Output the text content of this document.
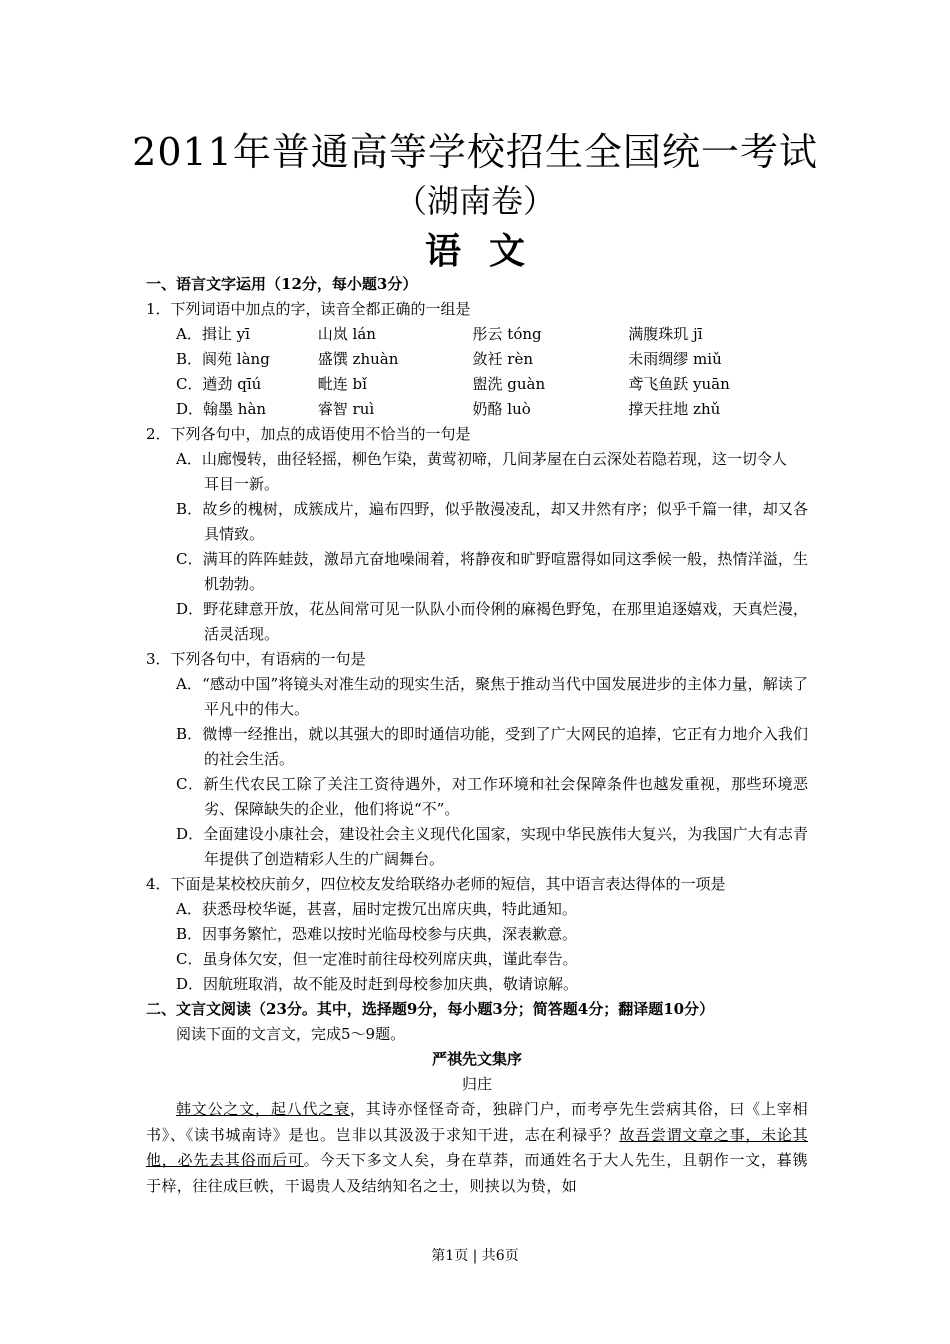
2011年普通高等学校招生全国统一考试
（湖南卷）
语文
一、语言文字运用（12分，每小题3分）
1．下列词语中加点的字，读音全都正确的一组是
A．揖让 yī	山岚 lán	彤云 tóng	满腹珠玑 jī
B．阆苑 làng	盛馔 zhuàn	敛衽 rèn	未雨绸缪 miǔ
C．遒劲 qīú	毗连 bǐ	盥洗 guàn	鸢飞鱼跃 yuān
D．翰墨 hàn	睿智 ruì	奶酪 luò	撑天拄地 zhǔ
2．下列各句中，加点的成语使用不恰当的一句是
A．山廊慢转，曲径轻摇，柳色乍染，黄莺初啼，几间茅屋在白云深处若隐若现，这一切令人
耳目一新。
B．故乡的槐树，成簇成片，遍布四野，似乎散漫凌乱，却又井然有序；似乎千篇一律，却又各具情致。
C．满耳的阵阵蛙鼓，激昂亢奋地噪闹着，将静夜和旷野喧嚣得如同这季候一般，热情洋溢，生机勃勃。
D．野花肆意开放，花丛间常可见一队队小而伶俐的麻褐色野兔，在那里追逐嬉戏，天真烂漫，活灵活现。
3．下列各句中，有语病的一句是
A．“感动中国”将镜头对准生动的现实生活，聚焦于推动当代中国发展进步的主体力量，解读了平凡中的伟大。
B．微博一经推出，就以其强大的即时通信功能，受到了广大网民的追捧，它正有力地介入我们的社会生活。
C．新生代农民工除了关注工资待遇外，对工作环境和社会保障条件也越发重视，那些环境恶劣、保障缺失的企业，他们将说“不”。
D．全面建设小康社会，建设社会主义现代化国家，实现中华民族伟大复兴，为我国广大有志青年提供了创造精彩人生的广阔舞台。
4．下面是某校校庆前夕，四位校友发给联络办老师的短信，其中语言表达得体的一项是
A．获悉母校华诞，甚喜，届时定拨冗出席庆典，特此通知。
B．因事务繁忙，恐难以按时光临母校参与庆典，深表歉意。
C．虽身体欠安，但一定准时前往母校列席庆典，谨此奉告。
D．因航班取消，故不能及时赶到母校参加庆典，敬请谅解。
二、文言文阅读（23分。其中，选择题9分，每小题3分；简答题4分；翻译题10分）
阅读下面的文言文，完成5～9题。
严祺先文集序
归庄
韩文公之文，起八代之衰，其诗亦怪怪奇奇，独辟门户，而考亭先生尝病其俗，曰《上宰相书》、《读书城南诗》是也。岂非以其汲汲于求知干进，志在利禄乎？故吾尝谓文章之事，未论其他，必先去其俗而后可。今天下多文人矣，身在草莽，而通姓名于大人先生，且朝作一文，暮镌于梓，往往成巨帙，干谒贵人及结纳知名之士，则挟以为贽，如
第1页 | 共6页
